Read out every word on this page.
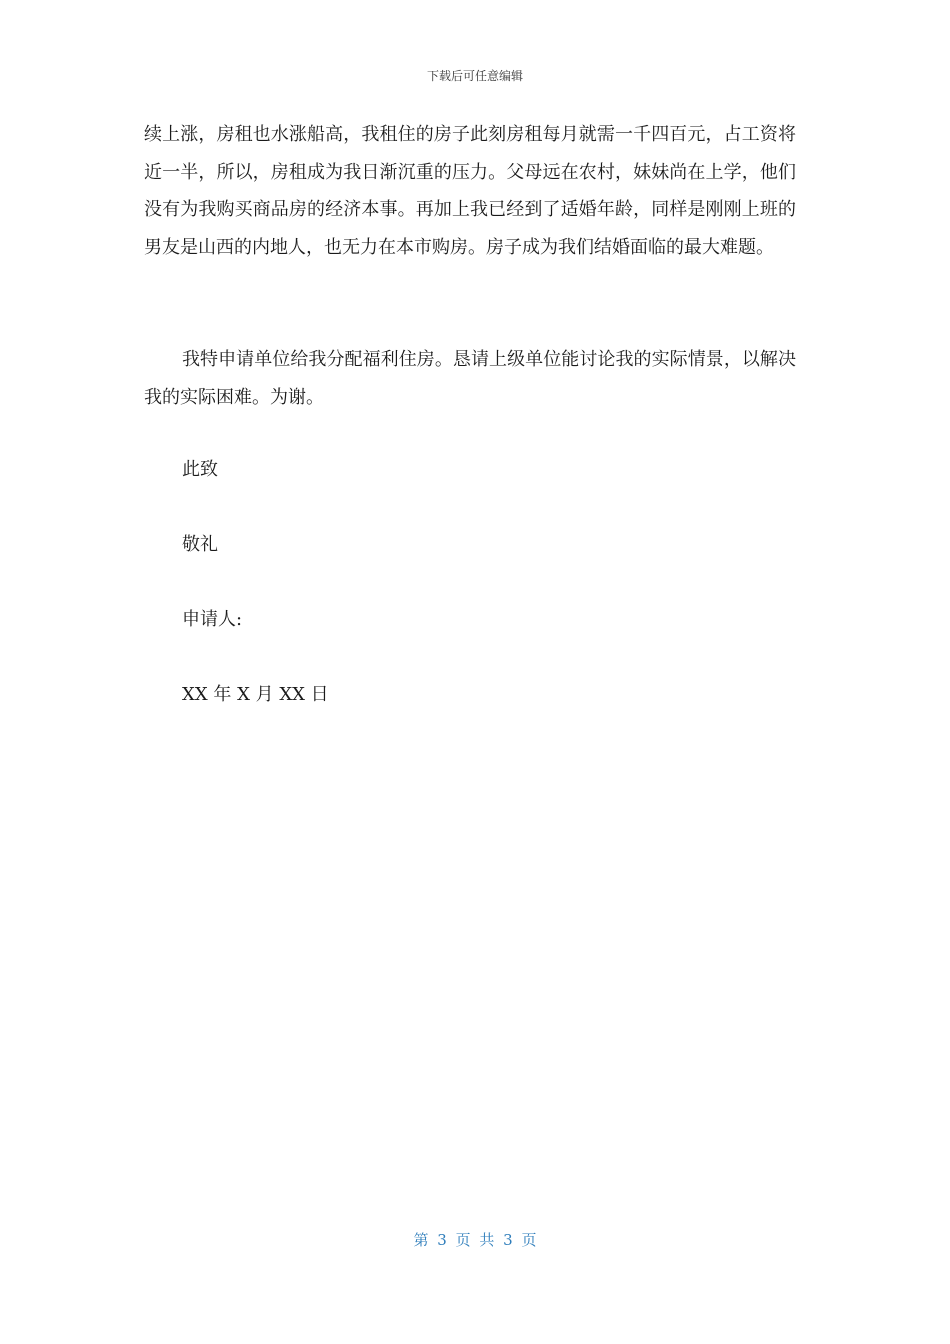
下载后可任意编辑

续上涨，房租也水涨船高，我租住的房子此刻房租每月就需一千四百元，占工资将近一半，所以，房租成为我日渐沉重的压力。父母远在农村，妹妹尚在上学，他们没有为我购买商品房的经济本事。再加上我已经到了适婚年龄，同样是刚刚上班的男友是山西的内地人，也无力在本市购房。房子成为我们结婚面临的最大难题。

我特申请单位给我分配福利住房。恳请上级单位能讨论我的实际情景，以解决我的实际困难。为谢。

此致

敬礼

申请人:

XX 年 X 月 XX 日

第 3 页 共 3 页
